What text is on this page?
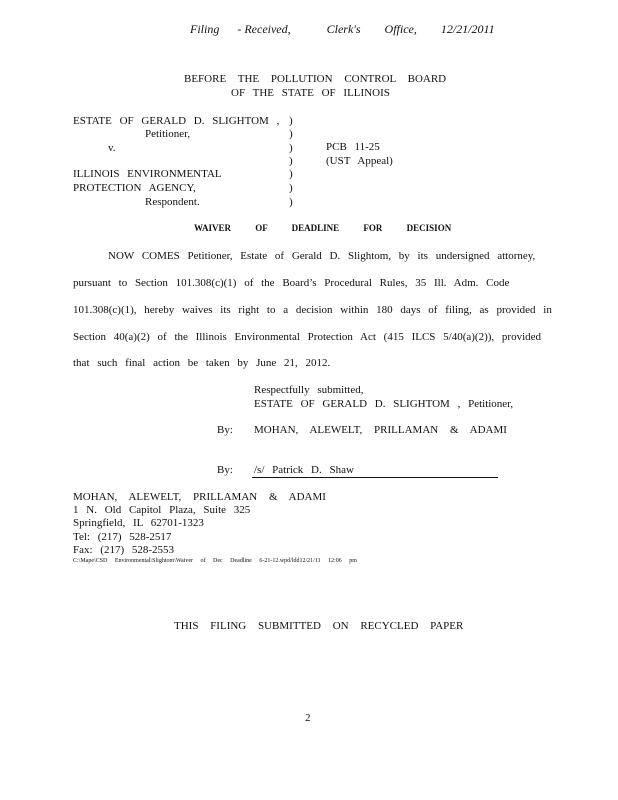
Filing - Received,	Clerk's Office, 12/21/2011
BEFORE THE POLLUTION CONTROL BOARD
OF THE STATE OF ILLINOIS
ESTATE OF GERALD D. SLIGHTOM ,
Petitioner,
v.
ILLINOIS ENVIRONMENTAL
PROTECTION AGENCY,
Respondent.
)
)
)
)
)
)
)
PCB 11-25
(UST Appeal)
WAIVER OF DEADLINE FOR DECISION
NOW COMES Petitioner, Estate of Gerald D. Slightom, by its undersigned attorney,
pursuant to Section 101.308(c)(1) of the Board’s Procedural Rules, 35 Ill. Adm. Code
101.308(c)(1), hereby waives its right to a decision within 180 days of filing, as provided in
Section 40(a)(2) of the Illinois Environmental Protection Act (415 ILCS 5/40(a)(2)), provided
that such final action be taken by June 21, 2012.
Respectfully submitted,
ESTATE OF GERALD D. SLIGHTOM , Petitioner,
By: MOHAN, ALEWELT, PRILLAMAN & ADAMI
By: /s/ Patrick D. Shaw
MOHAN, ALEWELT, PRILLAMAN & ADAMI
1 N. Old Capitol Plaza, Suite 325
Springfield, IL 62701-1323
Tel: (217) 528-2517
Fax: (217) 528-2553
C:\Mape\CSD Environmental\Slightom\Waiver of Dec Deadline 6-21-12.wpd/ldd12/21/11 12:06 pm
THIS FILING SUBMITTED ON RECYCLED PAPER
2
